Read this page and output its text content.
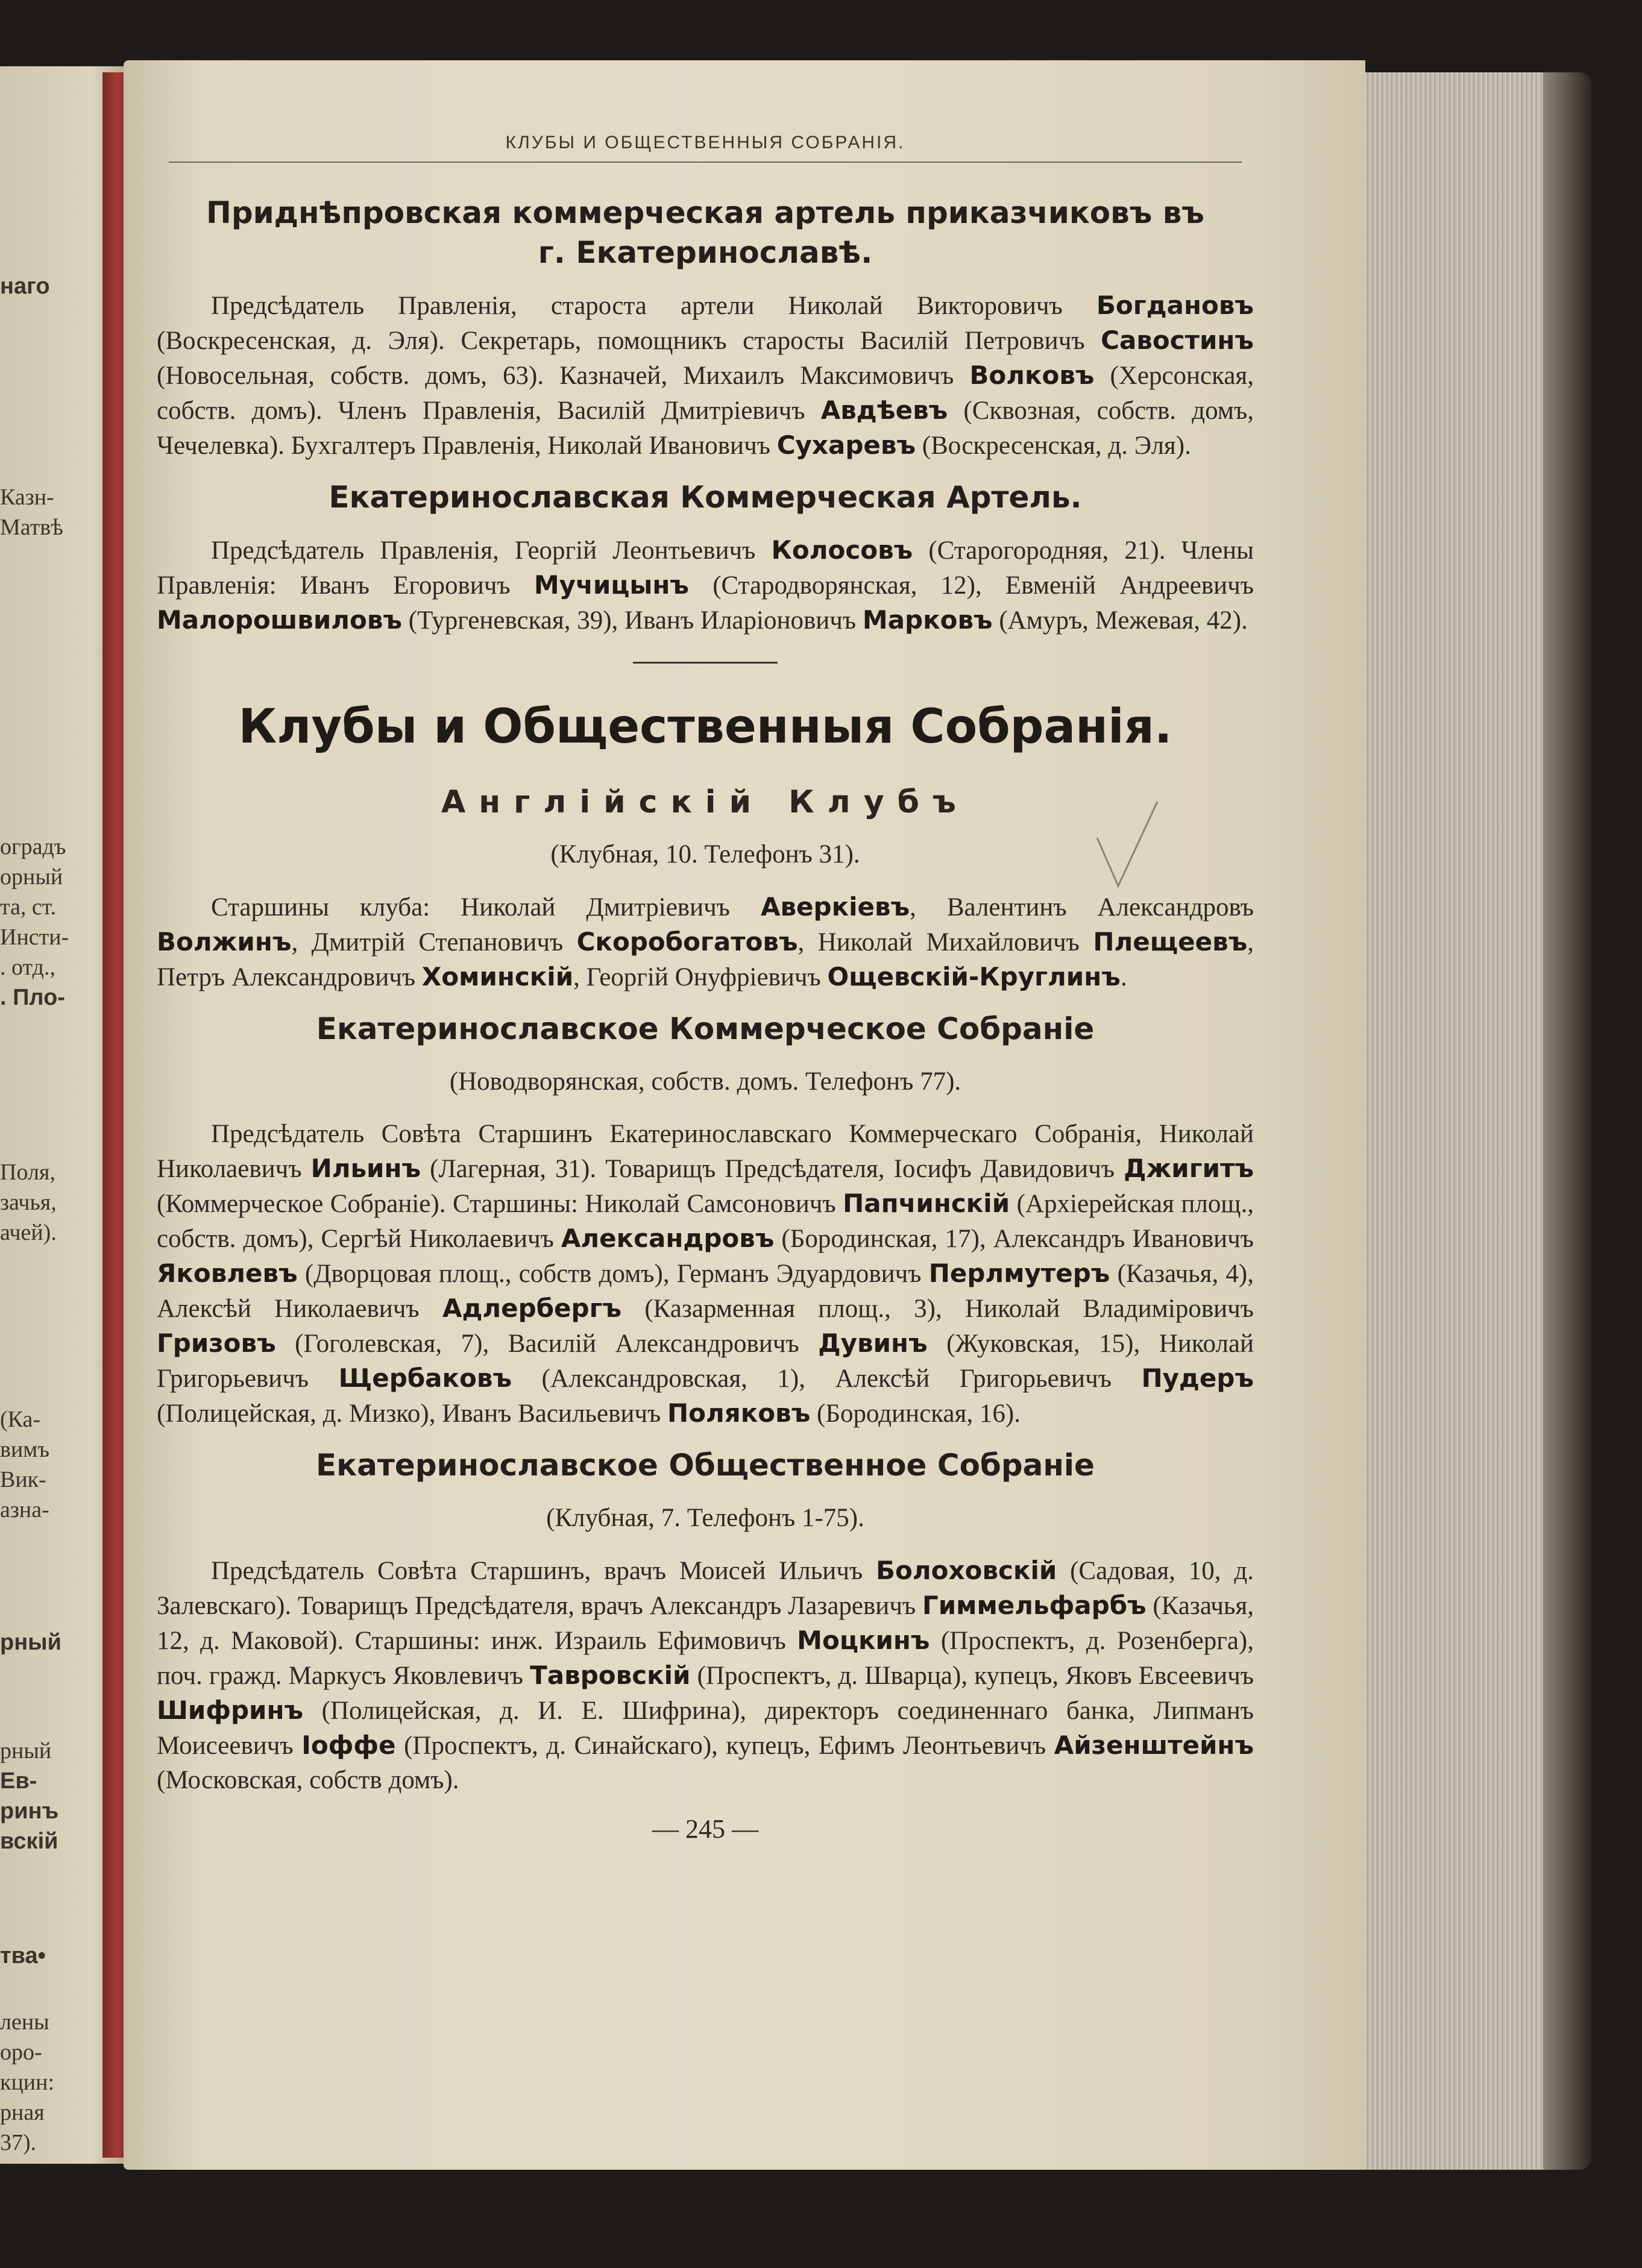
наго
Казн-
Матвѣ
оградъ
орный
та, ст.
Инсти-
. отд.,
. Пло-
Поля,
зачья,
ачей).
(Ка-
вимъ
Вик-
азна-
рный
рный
Ев-
ринъ
вскій
тва•
лены
оро-
кцин:
рная
37).
КЛУБЫ И ОБЩЕСТВЕННЫЯ СОБРАНІЯ.
Приднѣпровская коммерческая артель приказчиковъ въ
г. Екатеринославѣ.

Предсѣдатель Правленія, староста артели Николай Викторовичъ Богдановъ (Воскресенская, д. Эля). Секретарь, помощникъ старосты Василій Петровичъ Савостинъ (Новосельная, собств. домъ, 63). Казначей, Михаилъ Максимовичъ Волковъ (Херсонская, собств. домъ). Членъ Правленія, Василій Дмитріевичъ Авдѣевъ (Сквозная, собств. домъ, Чечелевка). Бухгалтеръ Правленія, Николай Ивановичъ Сухаревъ (Воскресенская, д. Эля).

Екатеринославская Коммерческая Артель.

Предсѣдатель Правленія, Георгій Леонтьевичъ Колосовъ (Старогородняя, 21). Члены Правленія: Иванъ Егоровичъ Мучицынъ (Стародворянская, 12), Евменій Андреевичъ Малорошвиловъ (Тургеневская, 39), Иванъ Иларіоновичъ Марковъ (Амуръ, Межевая, 42).

Клубы и Общественныя Собранія.
Англійскій Клубъ

(Клубная, 10. Телефонъ 31).

Старшины клуба: Николай Дмитріевичъ Аверкіевъ, Валентинъ Александровъ Волжинъ, Дмитрій Степановичъ Скоробогатовъ, Николай Михайловичъ Плещеевъ, Петръ Александровичъ Хоминскій, Георгій Онуфріевичъ Ощевскій-Круглинъ.

Екатеринославское Коммерческое Собраніе

(Новодворянская, собств. домъ. Телефонъ 77).

Предсѣдатель Совѣта Старшинъ Екатеринославскаго Коммерческаго Собранія, Николай Николаевичъ Ильинъ (Лагерная, 31). Товарищъ Предсѣдателя, Іосифъ Давидовичъ Джигитъ (Коммерческое Собраніе). Старшины: Николай Самсоновичъ Папчинскій (Архіерейская площ., собств. домъ), Сергѣй Николаевичъ Александровъ (Бородинская, 17), Александръ Ивановичъ Яковлевъ (Дворцовая площ., собств домъ), Германъ Эдуардовичъ Перлмутеръ (Казачья, 4), Алексѣй Николаевичъ Адлербергъ (Казарменная площ., 3), Николай Владиміровичъ Гризовъ (Гоголевская, 7), Василій Александровичъ Дувинъ (Жуковская, 15), Николай Григорьевичъ Щербаковъ (Александровская, 1), Алексѣй Григорьевичъ Пудеръ (Полицейская, д. Мизко), Иванъ Васильевичъ Поляковъ (Бородинская, 16).

Екатеринославское Общественное Собраніе

(Клубная, 7. Телефонъ 1-75).

Предсѣдатель Совѣта Старшинъ, врачъ Моисей Ильичъ Болоховскій (Садовая, 10, д. Залевскаго). Товарищъ Предсѣдателя, врачъ Александръ Лазаревичъ Гиммельфарбъ (Казачья, 12, д. Маковой). Старшины: инж. Израиль Ефимовичъ Моцкинъ (Проспектъ, д. Розенберга), поч. гражд. Маркусъ Яковлевичъ Тавровскій (Проспектъ, д. Шварца), купецъ, Яковъ Евсеевичъ Шифринъ (Полицейская, д. И. Е. Шифрина), директоръ соединеннаго банка, Липманъ Моисеевичъ Іоффе (Проспектъ, д. Синайскаго), купецъ, Ефимъ Леонтьевичъ Айзенштейнъ (Московская, собств домъ).

— 245 —
